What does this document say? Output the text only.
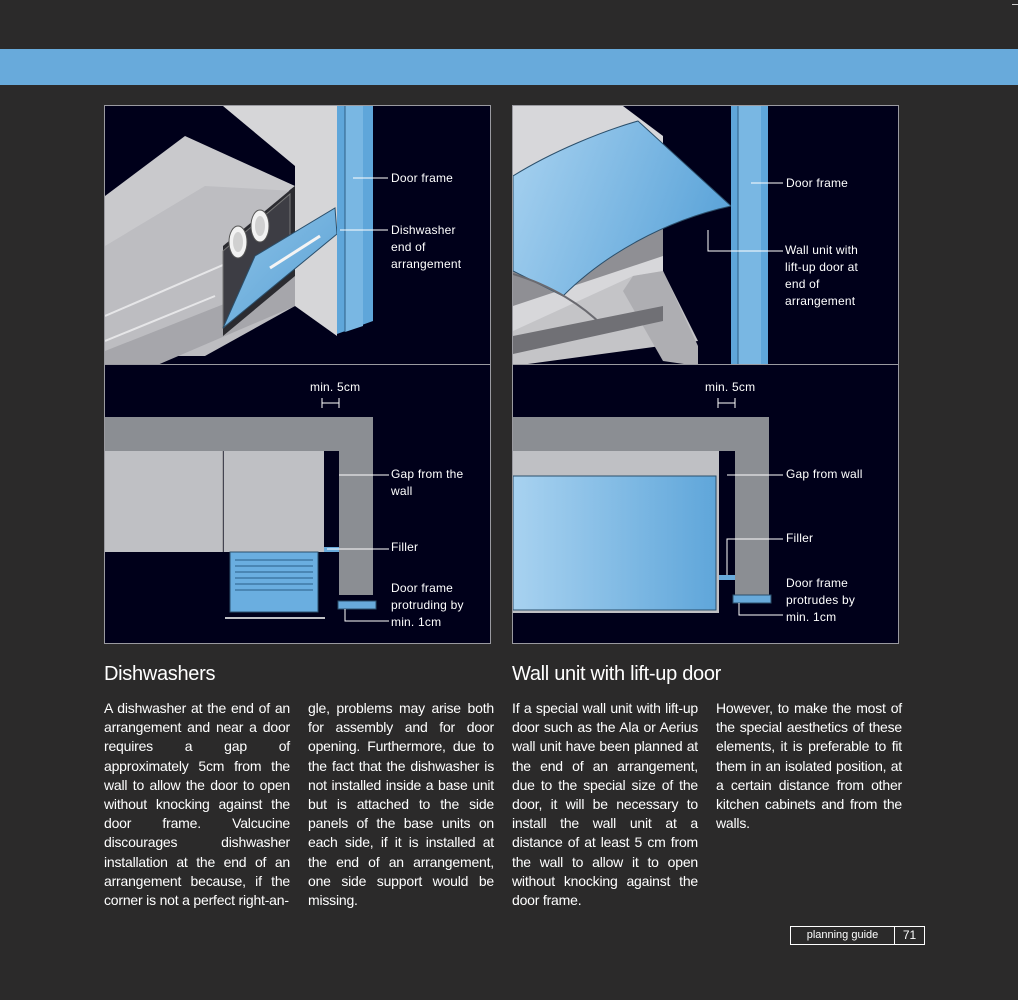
Door frame
Dishwasher
end of
arrangement
min. 5cm
Gap from the
wall
Filler
Door frame
protruding by
min. 1cm
Door frame
Wall unit with
lift-up door at
end of
arrangement
min. 5cm
Gap from wall
Filler
Door frame
protrudes by
min. 1cm
Dishwashers

A dishwasher at the end of an arrangement and near a door requires a gap of approximately 5cm from the wall to allow the door to open without knocking against the door frame. Valcucine discourages dishwasher installation at the end of an arrangement because, if the corner is not a perfect right-an-

gle, problems may arise both for assembly and for door opening. Furthermore, due to the fact that the dishwasher is not installed inside a base unit but is attached to the side panels of the base units on each side, if it is installed at the end of an arrangement, one side support would be missing.

Wall unit with lift-up door

If a special wall unit with lift-up door such as the Ala or Aerius wall unit have been planned at the end of an arrangement, due to the special size of the door, it will be necessary to install the wall unit at a distance of at least 5 cm from the wall to allow it to open without knocking against the door frame.

However, to make the most of the special aesthetics of these elements, it is preferable to fit them in an isolated position, at a certain distance from other kitchen cabinets and from the walls.

planning guide	71
